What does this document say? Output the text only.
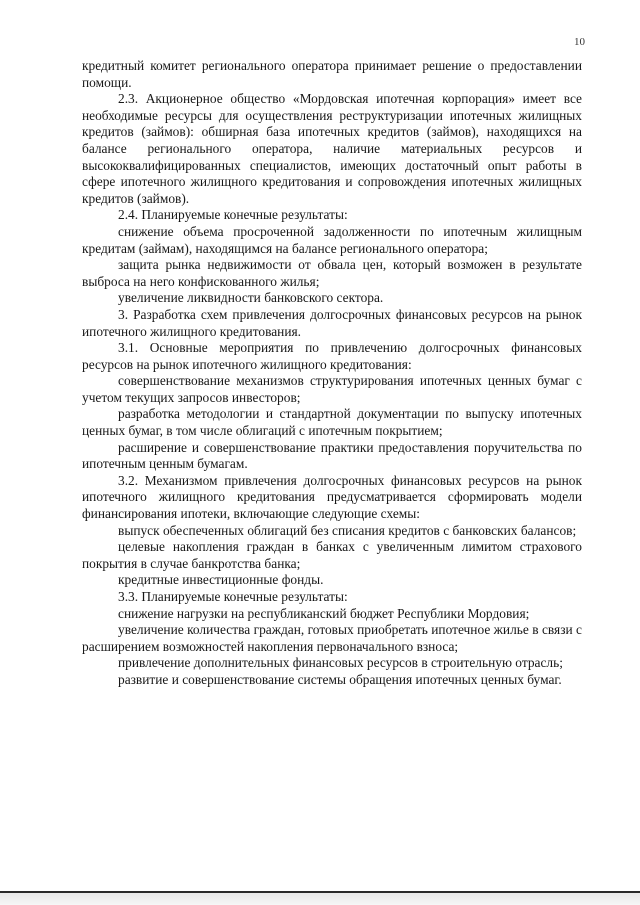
10

кредитный комитет регионального оператора принимает решение о предоставлении помощи.

2.3. Акционерное общество «Мордовская ипотечная корпорация» имеет все необходимые ресурсы для осуществления реструктуризации ипотечных жилищных кредитов (займов): обширная база ипотечных кредитов (займов), находящихся на балансе регионального оператора, наличие материальных ресурсов и высококвалифицированных специалистов, имеющих достаточный опыт работы в сфере ипотечного жилищного кредитования и сопровождения ипотечных жилищных кредитов (займов).

2.4. Планируемые конечные результаты:

снижение объема просроченной задолженности по ипотечным жилищным кредитам (займам), находящимся на балансе регионального оператора;

защита рынка недвижимости от обвала цен, который возможен в результате выброса на него конфискованного жилья;

увеличение ликвидности банковского сектора.

3. Разработка схем привлечения долгосрочных финансовых ресурсов на рынок ипотечного жилищного кредитования.

3.1. Основные мероприятия по привлечению долгосрочных финансовых ресурсов на рынок ипотечного жилищного кредитования:

совершенствование механизмов структурирования ипотечных ценных бумаг с учетом текущих запросов инвесторов;

разработка методологии и стандартной документации по выпуску ипотечных ценных бумаг, в том числе облигаций с ипотечным покрытием;

расширение и совершенствование практики предоставления поручительства по ипотечным ценным бумагам.

3.2. Механизмом привлечения долгосрочных финансовых ресурсов на рынок ипотечного жилищного кредитования предусматривается сформировать модели финансирования ипотеки, включающие следующие схемы:

выпуск обеспеченных облигаций без списания кредитов с банковских балансов;

целевые накопления граждан в банках с увеличенным лимитом страхового покрытия в случае банкротства банка;

кредитные инвестиционные фонды.

3.3. Планируемые конечные результаты:

снижение нагрузки на республиканский бюджет Республики Мордовия;

увеличение количества граждан, готовых приобретать ипотечное жилье в связи с расширением возможностей накопления первоначального взноса;

привлечение дополнительных финансовых ресурсов в строительную отрасль;

развитие и совершенствование системы обращения ипотечных ценных бумаг.
